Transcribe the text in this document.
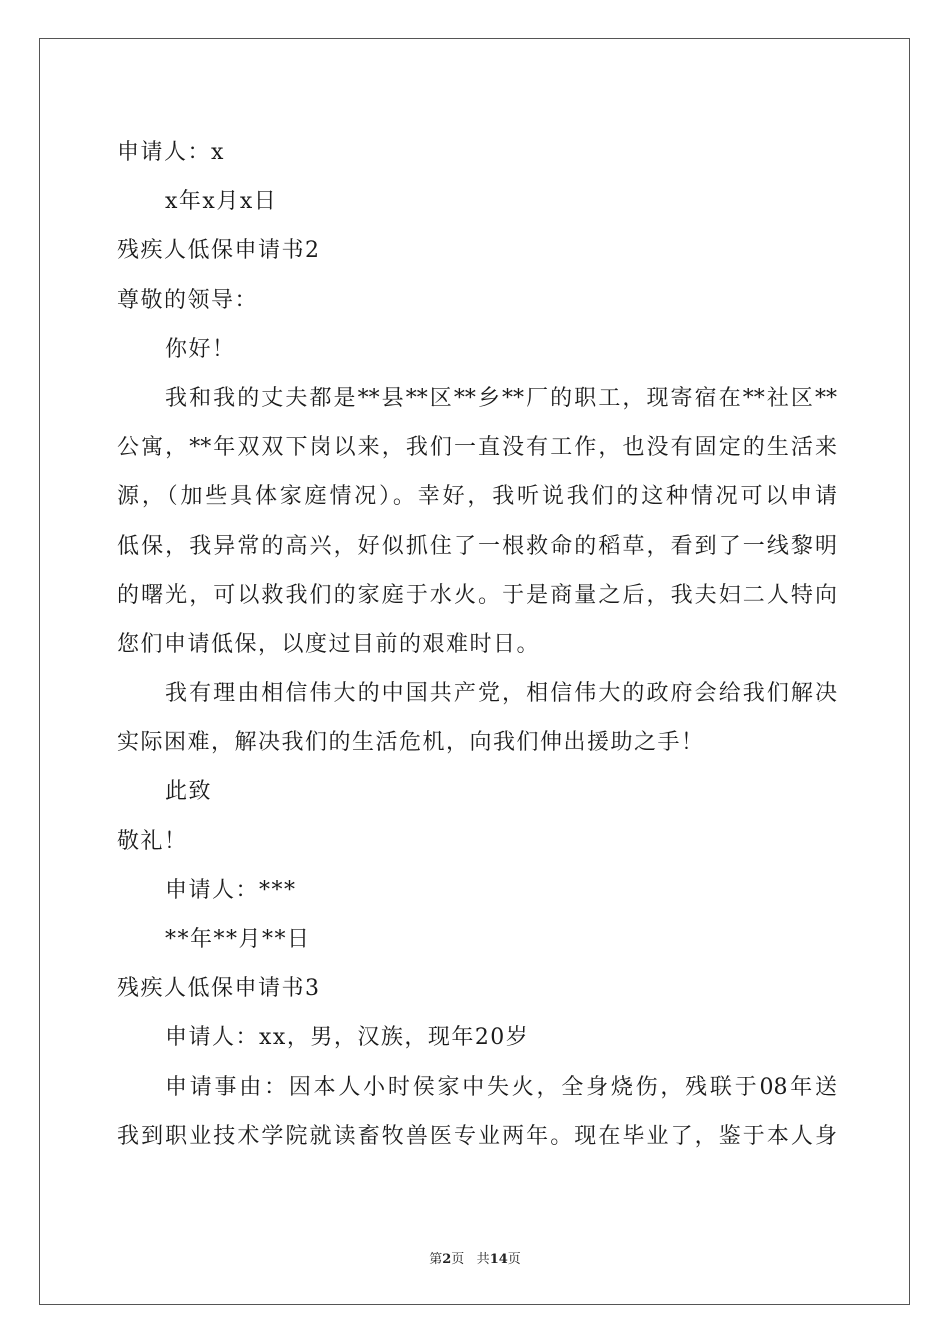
申请人：x
x年x月x日
残疾人低保申请书2
尊敬的领导：
你好！
我和我的丈夫都是**县**区**乡**厂的职工，现寄宿在**社区**
公寓，**年双双下岗以来，我们一直没有工作，也没有固定的生活来
源，（加些具体家庭情况）。幸好，我听说我们的这种情况可以申请
低保，我异常的高兴，好似抓住了一根救命的稻草，看到了一线黎明
的曙光，可以救我们的家庭于水火。于是商量之后，我夫妇二人特向
您们申请低保，以度过目前的艰难时日。
我有理由相信伟大的中国共产党，相信伟大的政府会给我们解决
实际困难，解决我们的生活危机，向我们伸出援助之手！
此致
敬礼！
申请人：***
**年**月**日
残疾人低保申请书3
申请人：xx，男，汉族，现年20岁
申请事由：因本人小时侯家中失火，全身烧伤，残联于08年送
我到职业技术学院就读畜牧兽医专业两年。现在毕业了，鉴于本人身
第2页 共14页
